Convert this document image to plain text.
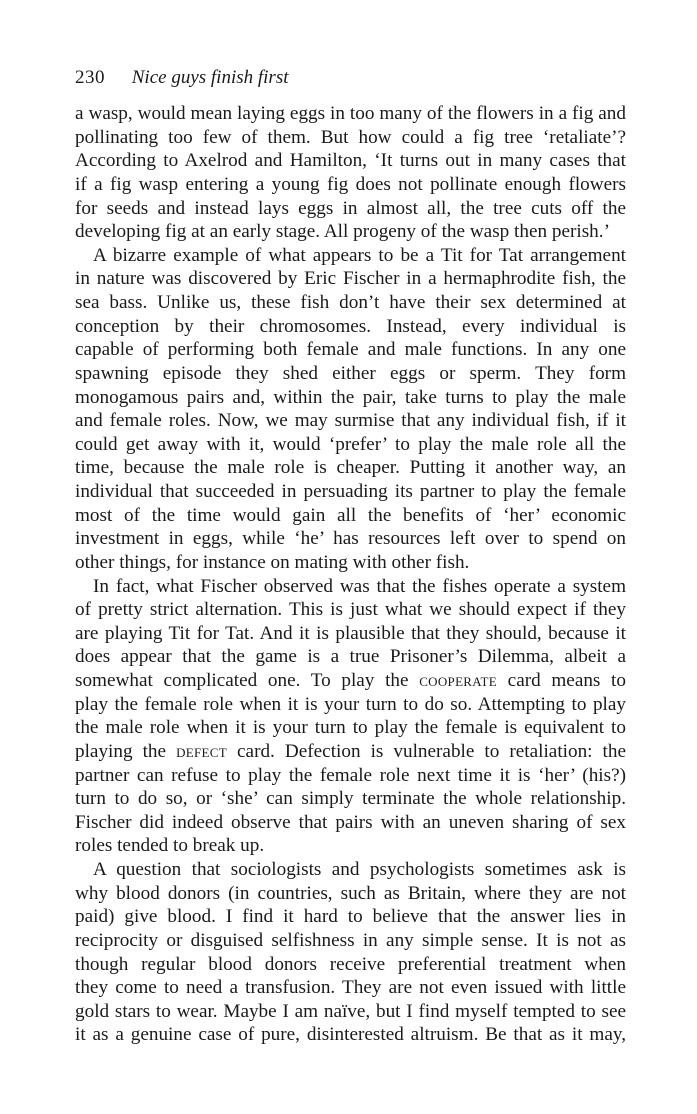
230 Nice guys finish first
a wasp, would mean laying eggs in too many of the flowers in a fig and
pollinating too few of them. But how could a fig tree ‘retaliate’?
According to Axelrod and Hamilton, ‘It turns out in many cases that
if a fig wasp entering a young fig does not pollinate enough flowers
for seeds and instead lays eggs in almost all, the tree cuts off the
developing fig at an early stage. All progeny of the wasp then perish.’
A bizarre example of what appears to be a Tit for Tat arrangement
in nature was discovered by Eric Fischer in a hermaphrodite fish, the
sea bass. Unlike us, these fish don’t have their sex determined at
conception by their chromosomes. Instead, every individual is
capable of performing both female and male functions. In any one
spawning episode they shed either eggs or sperm. They form
monogamous pairs and, within the pair, take turns to play the male
and female roles. Now, we may surmise that any individual fish, if it
could get away with it, would ‘prefer’ to play the male role all the
time, because the male role is cheaper. Putting it another way, an
individual that succeeded in persuading its partner to play the female
most of the time would gain all the benefits of ‘her’ economic
investment in eggs, while ‘he’ has resources left over to spend on
other things, for instance on mating with other fish.
In fact, what Fischer observed was that the fishes operate a system
of pretty strict alternation. This is just what we should expect if they
are playing Tit for Tat. And it is plausible that they should, because it
does appear that the game is a true Prisoner’s Dilemma, albeit a
somewhat complicated one. To play the cooperate card means to
play the female role when it is your turn to do so. Attempting to play
the male role when it is your turn to play the female is equivalent to
playing the defect card. Defection is vulnerable to retaliation: the
partner can refuse to play the female role next time it is ‘her’ (his?)
turn to do so, or ‘she’ can simply terminate the whole relationship.
Fischer did indeed observe that pairs with an uneven sharing of sex
roles tended to break up.
A question that sociologists and psychologists sometimes ask is
why blood donors (in countries, such as Britain, where they are not
paid) give blood. I find it hard to believe that the answer lies in
reciprocity or disguised selfishness in any simple sense. It is not as
though regular blood donors receive preferential treatment when
they come to need a transfusion. They are not even issued with little
gold stars to wear. Maybe I am naïve, but I find myself tempted to see
it as a genuine case of pure, disinterested altruism. Be that as it may,
